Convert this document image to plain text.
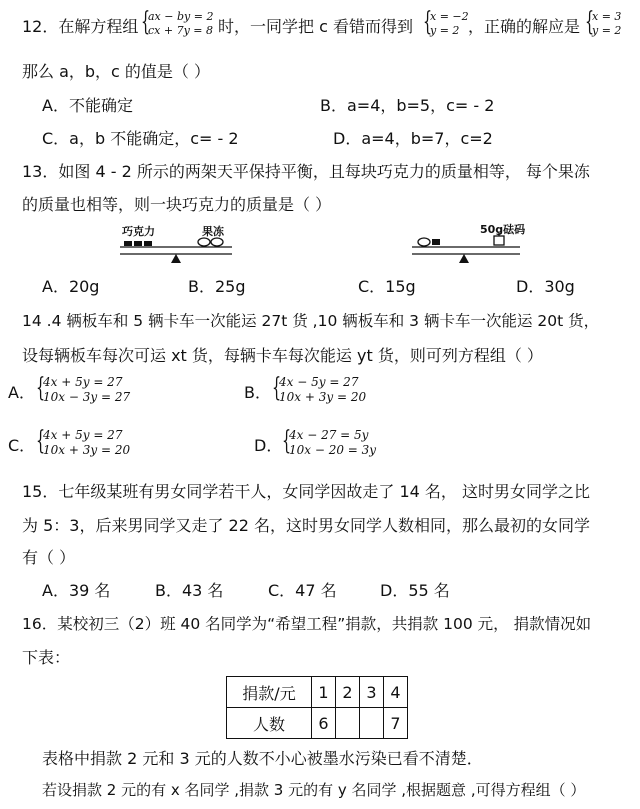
12．在解方程组 {
ax − by = 2
cx + 7y = 8 时，一同学把 c 看错而得到 {
x = −2
y = 2 ，正确的解应是 {
x = 3
y = 2
那么 a，b，c 的值是（ ）
A．不能确定	B．a=4，b=5，c= - 2
C．a，b 不能确定，c= - 2	D．a=4，b=7，c=2
13．如图 4 - 2 所示的两架天平保持平衡，且每块巧克力的质量相等， 每个果冻
的质量也相等，则一块巧克力的质量是（ ）
巧克力	果冻	50g砝码
A．20g	B．25g	C．15g	D．30g
14 .4 辆板车和 5 辆卡车一次能运 27t 货 ,10 辆板车和 3 辆卡车一次能运 20t 货，
设每辆板车每次可运 xt 货，每辆卡车每次能运 yt 货，则可列方程组（ ）
A． {
4x + 5y = 27
10x − 3y = 27	B． {
4x − 5y = 27
10x + 3y = 20
C． {
4x + 5y = 27
10x + 3y = 20	D． {
4x − 27 = 5y
10x − 20 = 3y
15．七年级某班有男女同学若干人，女同学因故走了 14 名， 这时男女同学之比
为 5：3，后来男同学又走了 22 名，这时男女同学人数相同，那么最初的女同学
有（ ）
A．39 名	B．43 名	C．47 名	D．55 名
16．某校初三（2）班 40 名同学为“希望工程”捐款，共捐款 100 元， 捐款情况如
下表：
捐款/元	1	2	3	4
人数	6			7
表格中捐款 2 元和 3 元的人数不小心被墨水污染已看不清楚．
若设捐款 2 元的有 x 名同学 ,捐款 3 元的有 y 名同学 ,根据题意 ,可得方程组（ ）
